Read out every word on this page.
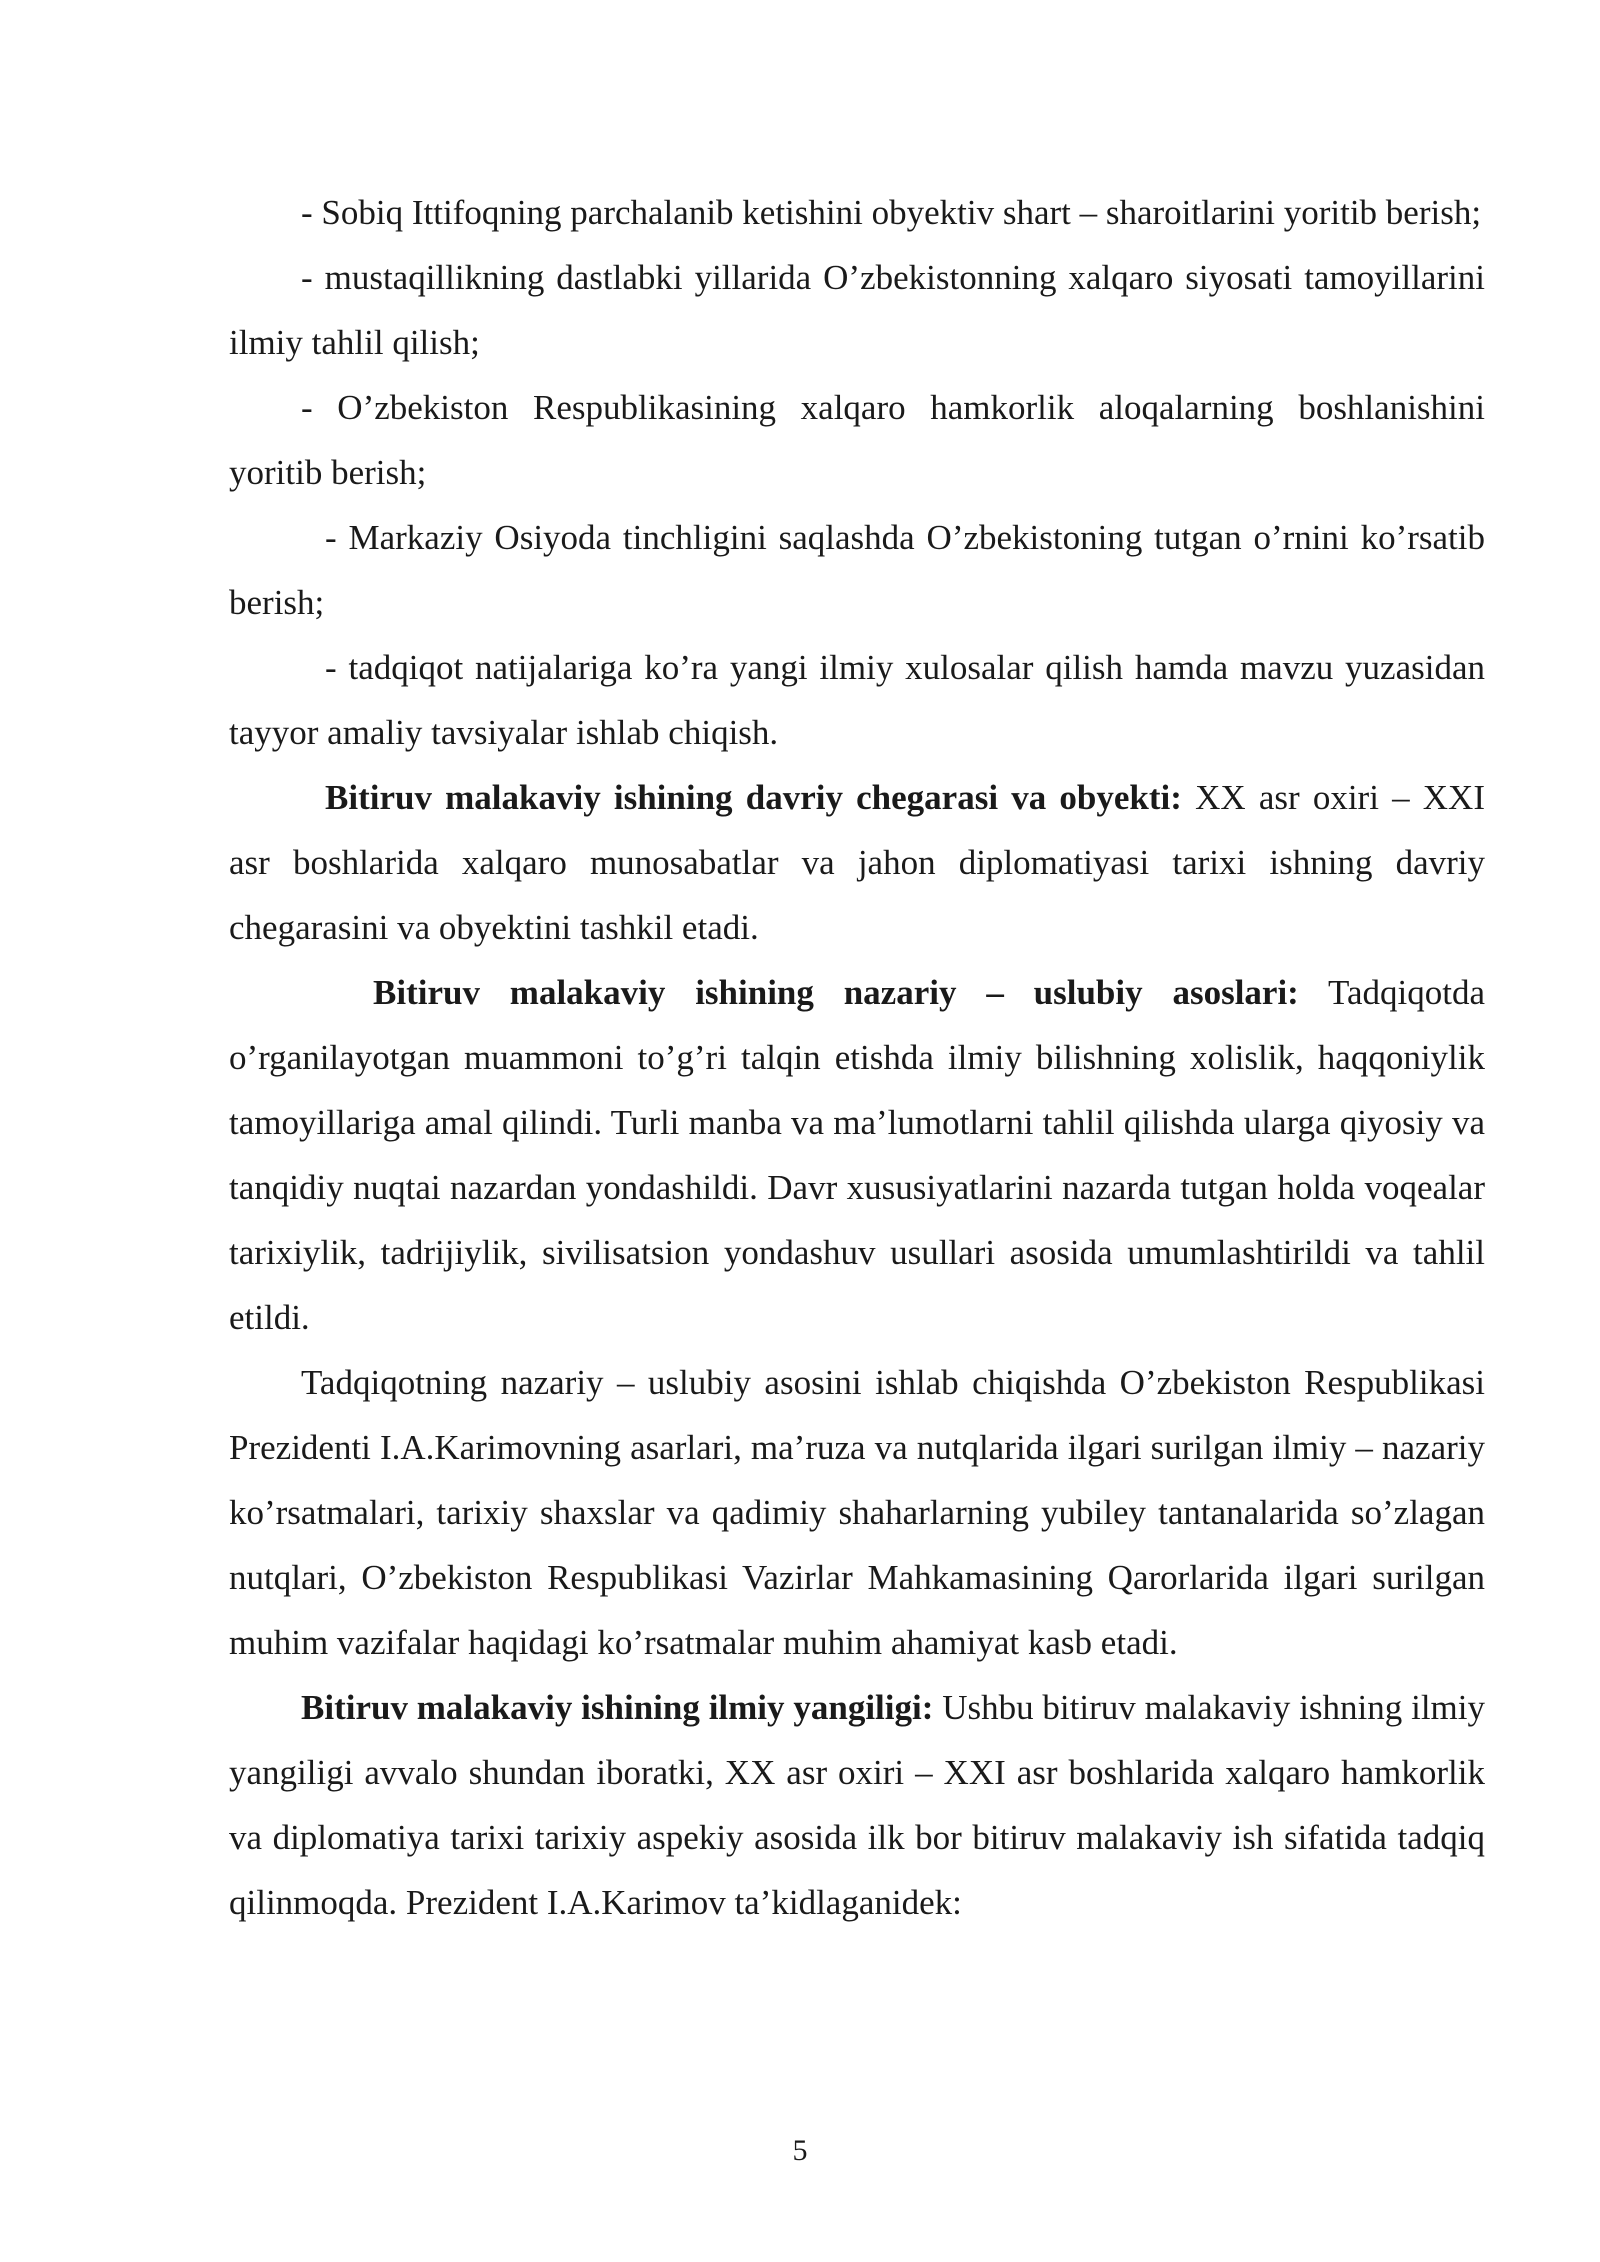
- Sobiq Ittifoqning parchalanib ketishini obyektiv shart – sharoitlarini yoritib berish;

- mustaqillikning dastlabki yillarida O’zbekistonning xalqaro siyosati tamoyillarini ilmiy tahlil qilish;

- O’zbekiston Respublikasining xalqaro hamkorlik aloqalarning boshlanishini yoritib berish;

- Markaziy Osiyoda tinchligini saqlashda O’zbekistoning tutgan o’rnini ko’rsatib berish;

- tadqiqot natijalariga ko’ra yangi ilmiy xulosalar qilish hamda mavzu yuzasidan tayyor amaliy tavsiyalar ishlab chiqish.

Bitiruv malakaviy ishining davriy chegarasi va obyekti: XX asr oxiri – XXI asr boshlarida xalqaro munosabatlar va jahon diplomatiyasi tarixi ishning davriy chegarasini va obyektini tashkil etadi.

Bitiruv malakaviy ishining nazariy – uslubiy asoslari: Tadqiqotda o’rganilayotgan muammoni to’g’ri talqin etishda ilmiy bilishning xolislik, haqqoniylik tamoyillariga amal qilindi. Turli manba va ma’lumotlarni tahlil qilishda ularga qiyosiy va tanqidiy nuqtai nazardan yondashildi. Davr xususiyatlarini nazarda tutgan holda voqealar tarixiylik, tadrijiylik, sivilisatsion yondashuv usullari asosida umumlashtirildi va tahlil etildi.

Tadqiqotning nazariy – uslubiy asosini ishlab chiqishda O’zbekiston Respublikasi Prezidenti I.A.Karimovning asarlari, ma’ruza va nutqlarida ilgari surilgan ilmiy – nazariy ko’rsatmalari, tarixiy shaxslar va qadimiy shaharlarning yubiley tantanalarida so’zlagan nutqlari, O’zbekiston Respublikasi Vazirlar Mahkamasining Qarorlarida ilgari surilgan muhim vazifalar haqidagi ko’rsatmalar muhim ahamiyat kasb etadi.

Bitiruv malakaviy ishining ilmiy yangiligi: Ushbu bitiruv malakaviy ishning ilmiy yangiligi avvalo shundan iboratki, XX asr oxiri – XXI asr boshlarida xalqaro hamkorlik va diplomatiya tarixi tarixiy aspekiy asosida ilk bor bitiruv malakaviy ish sifatida tadqiq qilinmoqda. Prezident I.A.Karimov ta’kidlaganidek:

5
